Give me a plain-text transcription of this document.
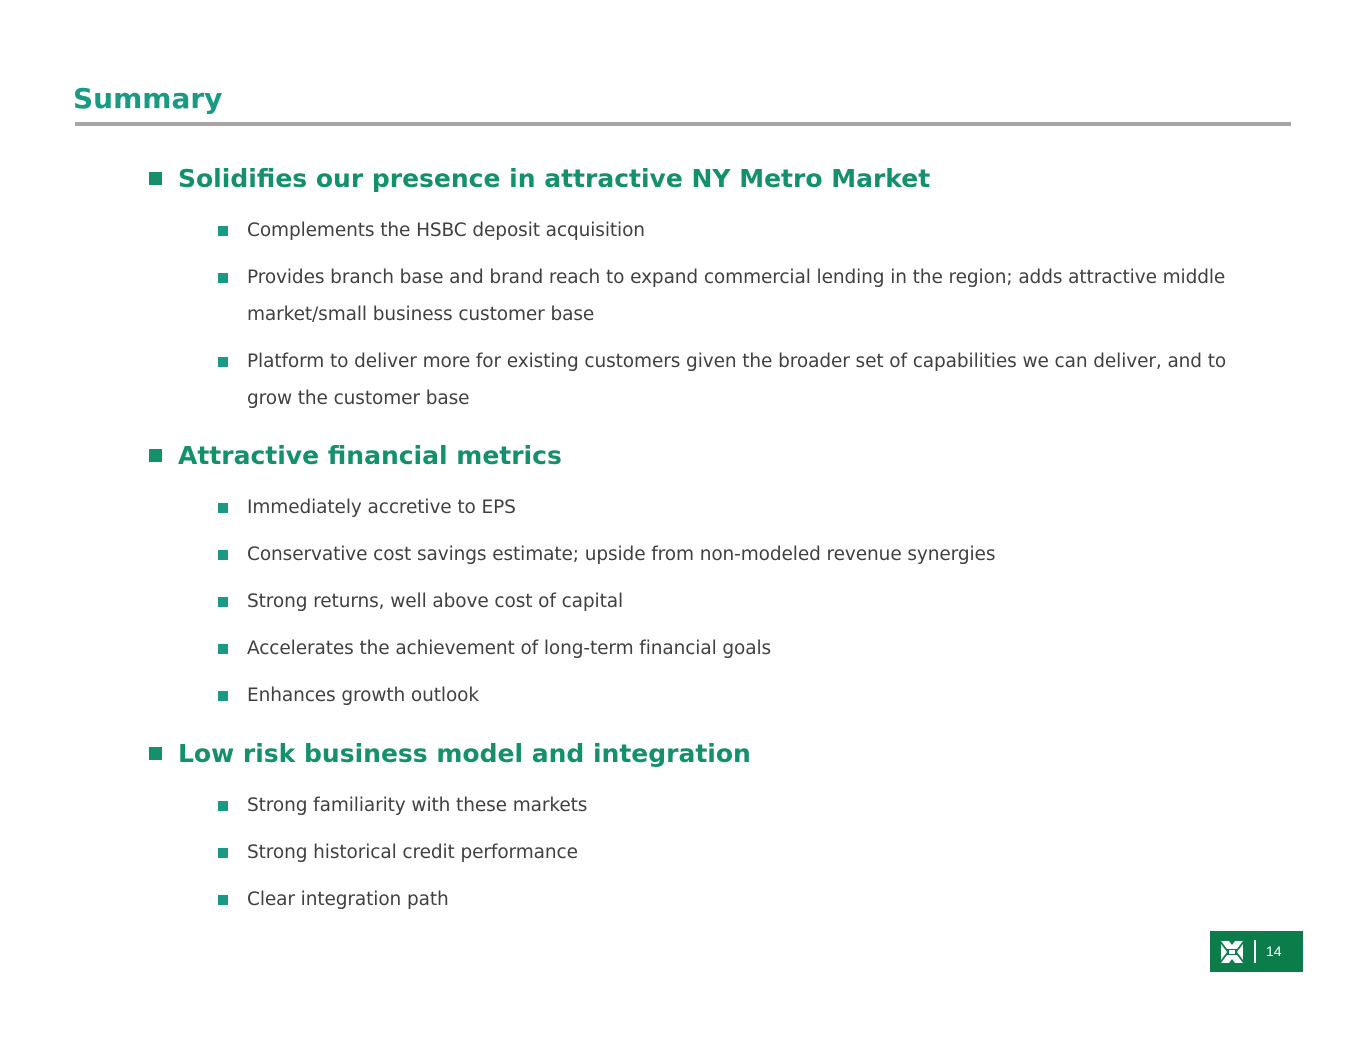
Summary
Solidifies our presence in attractive NY Metro Market
Complements the HSBC deposit acquisition
Provides branch base and brand reach to expand commercial lending in the region; adds attractive middle market/small business customer base
Platform to deliver more for existing customers given the broader set of capabilities we can deliver, and to grow the customer base
Attractive financial metrics
Immediately accretive to EPS
Conservative cost savings estimate; upside from non-modeled revenue synergies
Strong returns, well above cost of capital
Accelerates the achievement of long-term financial goals
Enhances growth outlook
Low risk business model and integration
Strong familiarity with these markets
Strong historical credit performance
Clear integration path
14
